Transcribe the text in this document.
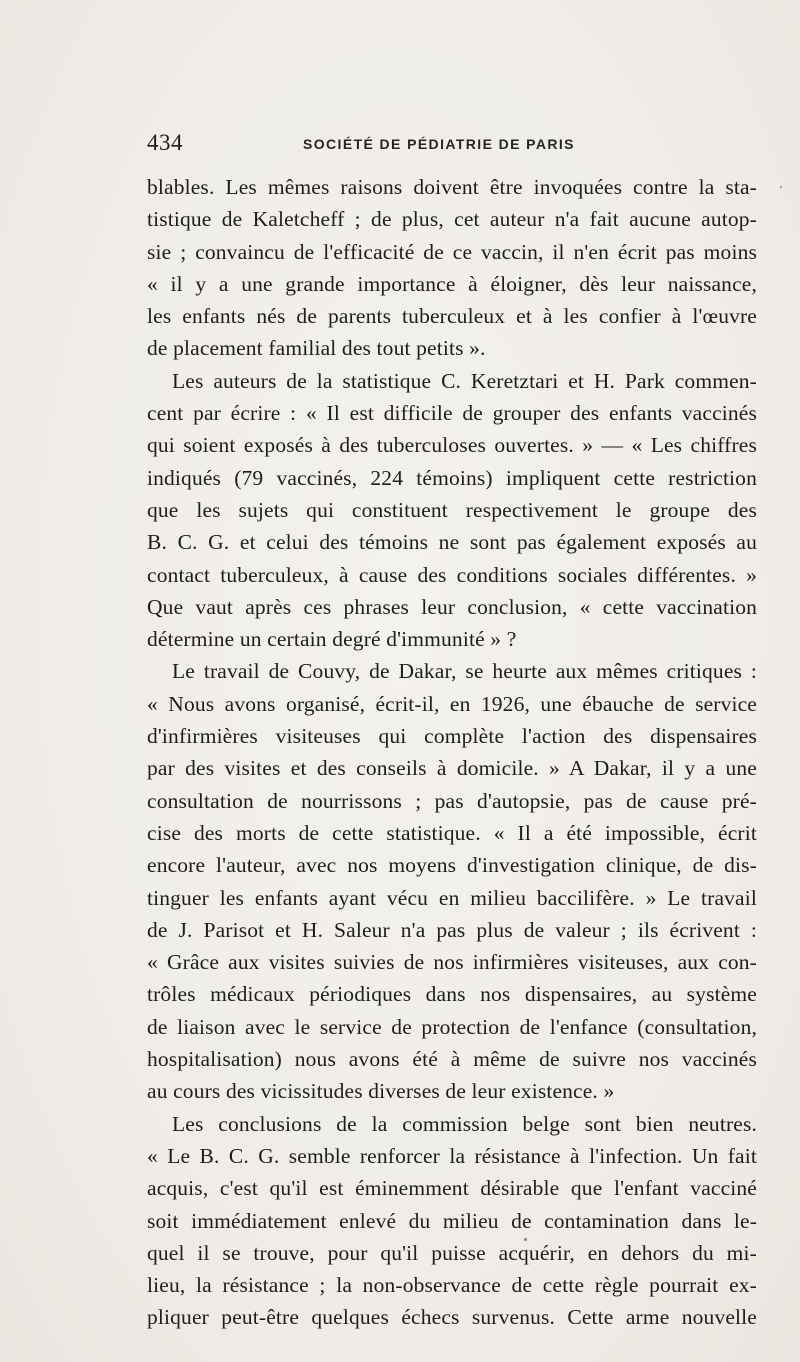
434	SOCIÉTÉ DE PÉDIATRIE DE PARIS
blables. Les mêmes raisons doivent être invoquées contre la sta-
tistique de Kaletcheff ; de plus, cet auteur n'a fait aucune autop-
sie ; convaincu de l'efficacité de ce vaccin, il n'en écrit pas moins
« il y a une grande importance à éloigner, dès leur naissance,
les enfants nés de parents tuberculeux et à les confier à l'œuvre
de placement familial des tout petits ».
Les auteurs de la statistique C. Keretztari et H. Park commen-
cent par écrire : « Il est difficile de grouper des enfants vaccinés
qui soient exposés à des tuberculoses ouvertes. » — « Les chiffres
indiqués (79 vaccinés, 224 témoins) impliquent cette restriction
que les sujets qui constituent respectivement le groupe des
B. C. G. et celui des témoins ne sont pas également exposés au
contact tuberculeux, à cause des conditions sociales différentes. »
Que vaut après ces phrases leur conclusion, « cette vaccination
détermine un certain degré d'immunité » ?
Le travail de Couvy, de Dakar, se heurte aux mêmes critiques :
« Nous avons organisé, écrit-il, en 1926, une ébauche de service
d'infirmières visiteuses qui complète l'action des dispensaires
par des visites et des conseils à domicile. » A Dakar, il y a une
consultation de nourrissons ; pas d'autopsie, pas de cause pré-
cise des morts de cette statistique. « Il a été impossible, écrit
encore l'auteur, avec nos moyens d'investigation clinique, de dis-
tinguer les enfants ayant vécu en milieu baccilifère. » Le travail
de J. Parisot et H. Saleur n'a pas plus de valeur ; ils écrivent :
« Grâce aux visites suivies de nos infirmières visiteuses, aux con-
trôles médicaux périodiques dans nos dispensaires, au système
de liaison avec le service de protection de l'enfance (consultation,
hospitalisation) nous avons été à même de suivre nos vaccinés
au cours des vicissitudes diverses de leur existence. »
Les conclusions de la commission belge sont bien neutres.
« Le B. C. G. semble renforcer la résistance à l'infection. Un fait
acquis, c'est qu'il est éminemment désirable que l'enfant vacciné
soit immédiatement enlevé du milieu de contamination dans le-
quel il se trouve, pour qu'il puisse acquérir, en dehors du mi-
lieu, la résistance ; la non-observance de cette règle pourrait ex-
pliquer peut-être quelques échecs survenus. Cette arme nouvelle
